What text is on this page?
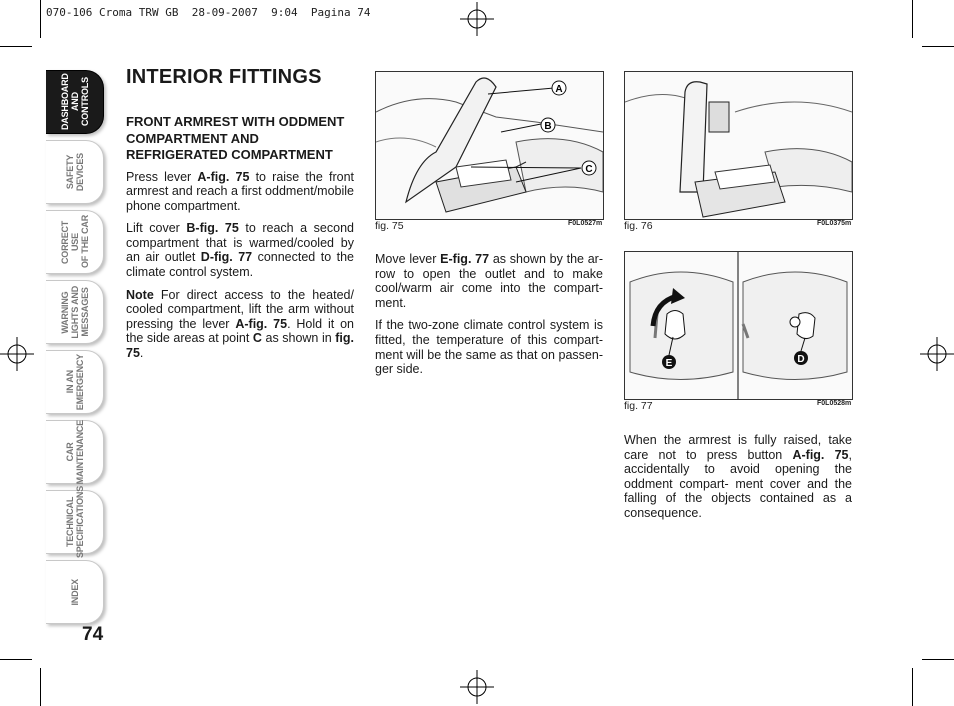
070-106 Croma TRW GB  28-09-2007  9:04  Pagina 74
DASHBOARD
AND CONTROLS
SAFETY
DEVICES
CORRECT USE
OF THE CAR
WARNING
LIGHTS AND
MESSAGES
IN AN
EMERGENCY
CAR
MAINTENANCE
TECHNICAL
SPECIFICATIONS
INDEX
74
INTERIOR FITTINGS
FRONT ARMREST WITH ODDMENT COMPARTMENT AND REFRIGERATED COMPARTMENT

Press lever A-fig. 75 to raise the front armrest and reach a first oddment/mobile phone compartment.

Lift cover B-fig. 75 to reach a second compartment that is warmed/cooled by an air outlet D-fig. 77 connected to the climate control system.

Note For direct access to the heated/ cooled compartment, lift the arm without pressing the lever A-fig. 75. Hold it on the side areas at point C as shown in fig. 75.

A
B
C
fig. 75	F0L0527m fig. 76	F0L0375m

Move lever E-fig. 77 as shown by the ar- row to open the outlet and to make cool/warm air come into the compart- ment.

If the two-zone climate control system is fitted, the temperature of this compart- ment will be the same as that on passen- ger side.	E	D
fig. 77	F0L0528m

When the armrest is fully raised, take care not to press button A-fig. 75, accidentally to avoid opening the oddment compart- ment cover and the falling of the objects contained as a consequence.
